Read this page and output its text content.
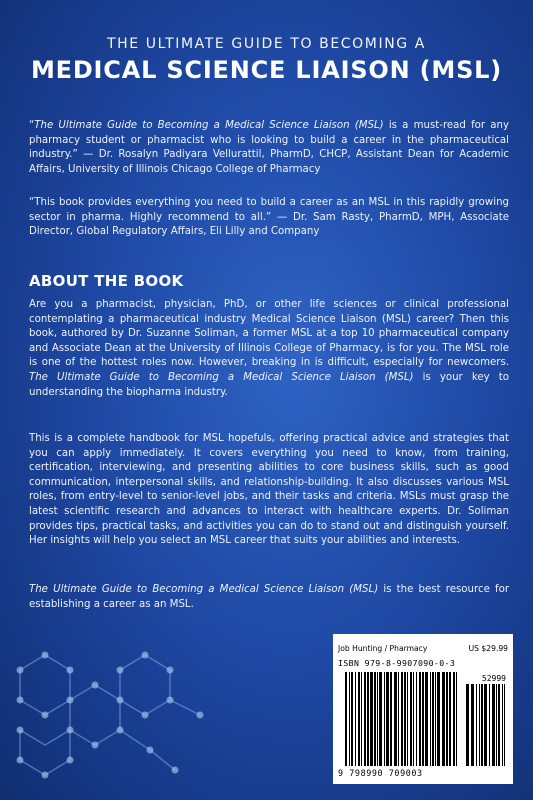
THE ULTIMATE GUIDE TO BECOMING A
MEDICAL SCIENCE LIAISON (MSL)
“The Ultimate Guide to Becoming a Medical Science Liaison (MSL) is a must-read for any pharmacy student or pharmacist who is looking to build a career in the pharmaceutical industry.” — Dr. Rosalyn Padiyara Vellurattil, PharmD, CHCP, Assistant Dean for Academic Affairs, University of Illinois Chicago College of Pharmacy
“This book provides everything you need to build a career as an MSL in this rapidly growing sector in pharma. Highly recommend to all.” — Dr. Sam Rasty, PharmD, MPH, Associate Director, Global Regulatory Affairs, Eli Lilly and Company
ABOUT THE BOOK
Are you a pharmacist, physician, PhD, or other life sciences or clinical professional contemplating a pharmaceutical industry Medical Science Liaison (MSL) career? Then this book, authored by Dr. Suzanne Soliman, a former MSL at a top 10 pharmaceutical company and Associate Dean at the University of Illinois College of Pharmacy, is for you. The MSL role is one of the hottest roles now. However, breaking in is difficult, especially for newcomers. The Ultimate Guide to Becoming a Medical Science Liaison (MSL) is your key to understanding the biopharma industry.
This is a complete handbook for MSL hopefuls, offering practical advice and strategies that you can apply immediately. It covers everything you need to know, from training, certification, interviewing, and presenting abilities to core business skills, such as good communication, interpersonal skills, and relationship-building. It also discusses various MSL roles, from entry-level to senior-level jobs, and their tasks and criteria. MSLs must grasp the latest scientific research and advances to interact with healthcare experts. Dr. Soliman provides tips, practical tasks, and activities you can do to stand out and distinguish yourself. Her insights will help you select an MSL career that suits your abilities and interests.
The Ultimate Guide to Becoming a Medical Science Liaison (MSL) is the best resource for establishing a career as an MSL.
Job Hunting / Pharmacy	US $29.99
ISBN 979-8-9907090-0-3
52999
9 798990 709003
